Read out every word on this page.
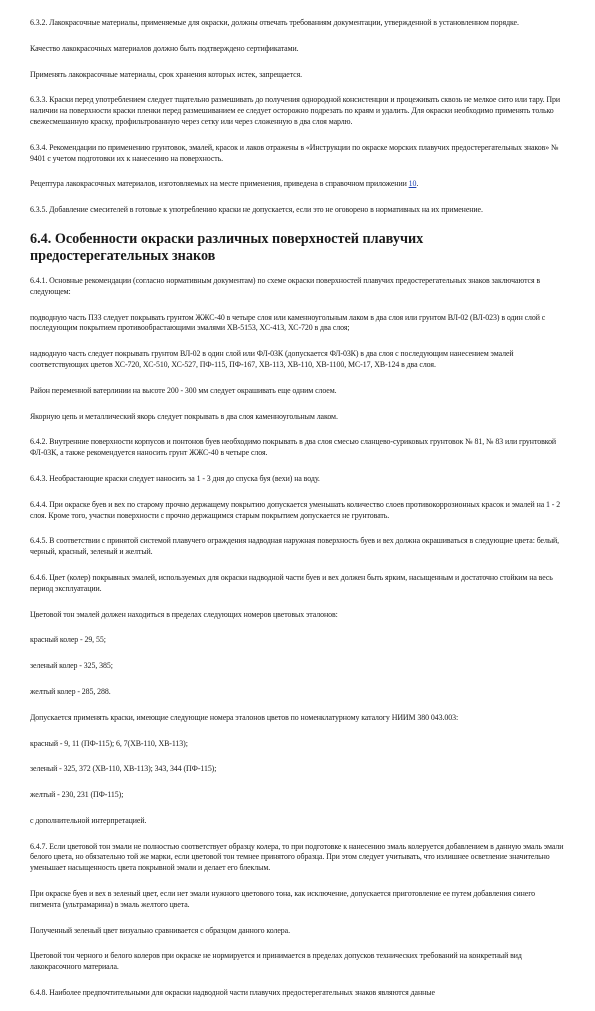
6.3.2. Лакокрасочные материалы, применяемые для окраски, должны отвечать требованиям документации, утвержденной в установленном порядке.

Качество лакокрасочных материалов должно быть подтверждено сертификатами.

Применять лакокрасочные материалы, срок хранения которых истек, запрещается.

6.3.3. Краски перед употреблением следует тщательно размешивать до получения однородной консистенции и процеживать сквозь не мелкое сито или тару. При наличии на поверхности краски пленки перед размешиванием ее следует осторожно подрезать по краям и удалить. Для окраски необходимо применять только свежесмешанную краску, профильтрованную через сетку или через сложенную в два слоя марлю.

6.3.4. Рекомендации по применению грунтовок, эмалей, красок и лаков отражены в «Инструкции по окраске морских плавучих предостерегательных знаков» № 9401 с учетом подготовки их к нанесению на поверхность.

Рецептура лакокрасочных материалов, изготовляемых на месте применения, приведена в справочном приложении 10.

6.3.5. Добавление смесителей в готовые к употреблению краски не допускается, если это не оговорено в нормативных на их применение.

6.4. Особенности окраски различных поверхностей плавучих предостерегательных знаков

6.4.1. Основные рекомендации (согласно нормативным документам) по схеме окраски поверхностей плавучих предостерегательных знаков заключаются в следующем:

подводную часть ПЗЗ следует покрывать грунтом ЖЖС-40 в четыре слоя или каменноугольным лаком в два слоя или грунтом ВЛ-02 (ВЛ-023) в один слой с последующим покрытием противообрастающими эмалями ХВ-5153, ХС-413, ХС-720 в два слоя;

надводную часть следует покрывать грунтом ВЛ-02 в один слой или ФЛ-03К (допускается ФЛ-03К) в два слоя с последующим нанесением эмалей соответствующих цветов ХС-720, ХС-510, ХС-527, ПФ-115, ПФ-167, ХВ-113, ХВ-110, ХВ-1100, МС-17, ХВ-124 в два слоя.

Район переменной ватерлинии на высоте 200 - 300 мм следует окрашивать еще одним слоем.

Якорную цепь и металлический якорь следует покрывать в два слоя каменноугольным лаком.

6.4.2. Внутренние поверхности корпусов и понтонов буев необходимо покрывать в два слоя смесью сланцево-суриковых грунтовок № 81, № 83 или грунтовкой ФЛ-03К, а также рекомендуется наносить грунт ЖЖС-40 в четыре слоя.

6.4.3. Необрастающие краски следует наносить за 1 - 3 дня до спуска буя (вехи) на воду.

6.4.4. При окраске буев и вех по старому прочно держащему покрытию допускается уменьшать количество слоев противокоррозионных красок и эмалей на 1 - 2 слоя. Кроме того, участки поверхности с прочно держащимся старым покрытием допускается не грунтовать.

6.4.5. В соответствии с принятой системой плавучего ограждения надводная наружная поверхность буев и вех должна окрашиваться в следующие цвета: белый, черный, красный, зеленый и желтый.

6.4.6. Цвет (колер) покрывных эмалей, используемых для окраски надводной части буев и вех должен быть ярким, насыщенным и достаточно стойким на весь период эксплуатации.

Цветовой тон эмалей должен находиться в пределах следующих номеров цветовых эталонов:

красный колер - 29, 55;

зеленый колер - 325, 385;

желтый колер - 285, 288.

Допускается применять краски, имеющие следующие номера эталонов цветов по номенклатурному каталогу НИИМ 380 043.003:

красный - 9, 11 (ПФ-115); 6, 7(ХВ-110, ХВ-113);

зеленый - 325, 372 (ХВ-110, ХВ-113); 343, 344 (ПФ-115);

желтый - 230, 231 (ПФ-115);

с дополнительной интерпретацией.

6.4.7. Если цветовой тон эмали не полностью соответствует образцу колера, то при подготовке к нанесению эмаль колеруется добавлением в данную эмаль эмали белого цвета, но обязательно той же марки, если цветовой тон темнее принятого образца. При этом следует учитывать, что излишнее осветление значительно уменьшает насыщенность цвета покрывной эмали и делает его блеклым.

При окраске буев и вех в зеленый цвет, если нет эмали нужного цветового тона, как исключение, допускается приготовление ее путем добавления синего пигмента (ультрамарина) в эмаль желтого цвета.

Полученный зеленый цвет визуально сравнивается с образцом данного колера.

Цветовой тон черного и белого колеров при окраске не нормируется и принимается в пределах допусков технических требований на конкретный вид лакокрасочного материала.

6.4.8. Наиболее предпочтительными для окраски надводной части плавучих предостерегательных знаков являются данные
